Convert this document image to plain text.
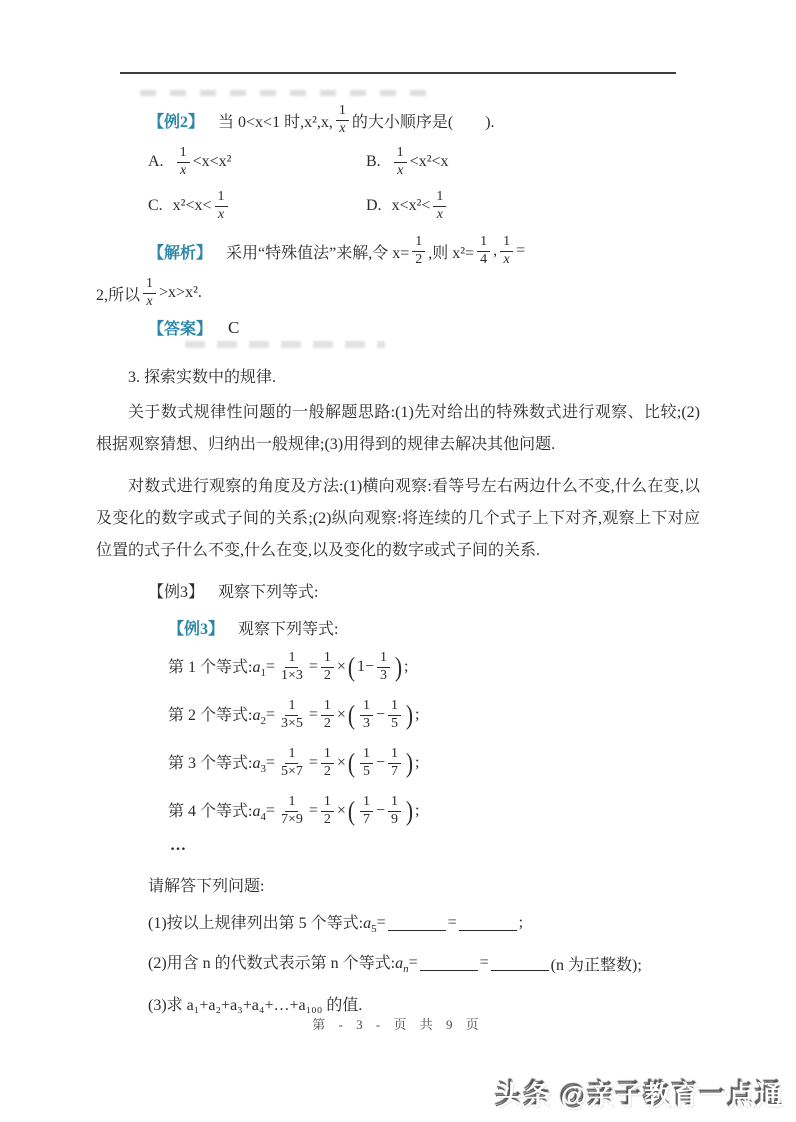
【例2】 当 0<x<1 时,x²,x, $\frac{1}{x}$ 的大小顺序是(　　).
A. $\frac{1}{x} <x<x^2$	B. $\frac{1}{x} <x^2<x$
C. $x^2<x< \frac{1}{x}$	D. $x<x^2< \frac{1}{x}$
【解析】 采用“特殊值法”来解,令 $x= \frac{1}{2}$ ,则 $x^2= \frac{1}{4}$ , $\frac{1}{x}$ =
2,所以 $\frac{1}{x} >x>x^2$.
【答案】 C
3. 探索实数中的规律.
关于数式规律性问题的一般解题思路:(1)先对给出的特殊数式进行观察、比较;(2)根据观察猜想、归纳出一般规律;(3)用得到的规律去解决其他问题.
对数式进行观察的角度及方法:(1)横向观察:看等号左右两边什么不变,什么在变,以及变化的数字或式子间的关系;(2)纵向观察:将连续的几个式子上下对齐,观察上下对应位置的式子什么不变,什么在变,以及变化的数字或式子间的关系.
【例3】 观察下列等式:
【例3】 观察下列等式:
第 1 个等式$:a_1 = \frac{1}{1\times 3} = \frac{1}{2}$ × ( $1 - \frac{1}{3}$ ) ;
第 2 个等式$:a_2 = \frac{1}{3\times 5} = \frac{1}{2}$ × ( $\frac{1}{3} - \frac{1}{5}$ ) ;
第 3 个等式$:a_3 = \frac{1}{5\times 7} = \frac{1}{2}$ × ( $\frac{1}{5} - \frac{1}{7}$ ) ;
第 4 个等式$:a_4 = \frac{1}{7\times 9} = \frac{1}{2}$ × ( $\frac{1}{7} - \frac{1}{9}$ ) ;
…
请解答下列问题:
(1)按以上规律列出第 5 个等式$:a_5$ =	=	;
(2)用含 n 的代数式表示第 n 个等式$:a_n$ =	=	(n 为正整数);
(3)求 a₁+a₂+a₃+a₄+…+a₁₀₀ 的值.
第 - 3 - 页 共 9 页
头条 @亲子教育一点通
